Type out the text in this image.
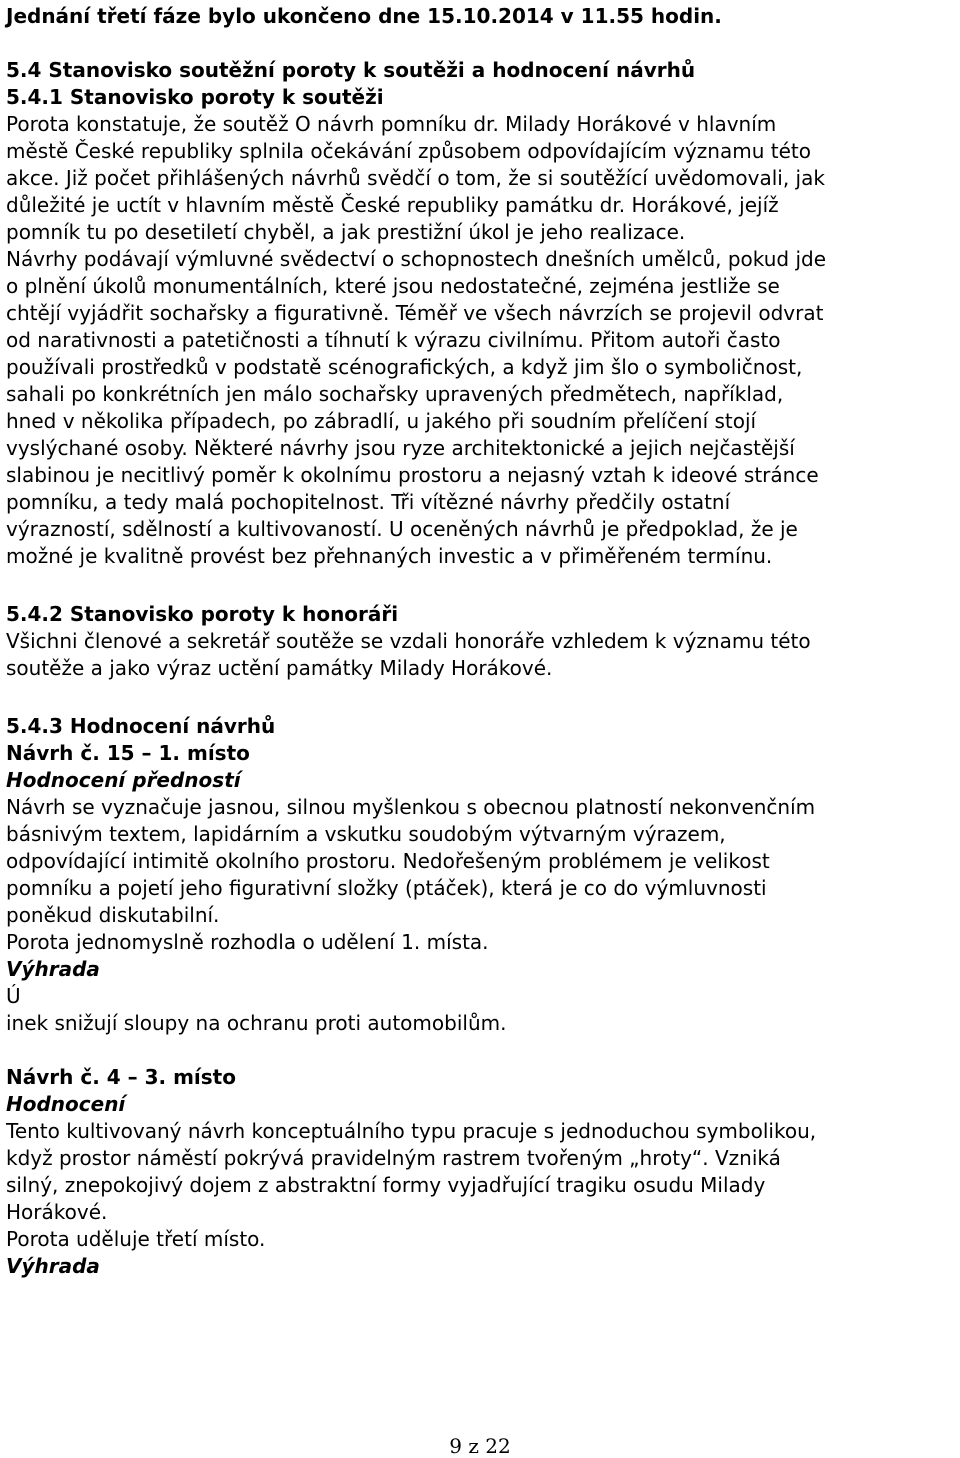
Jednání třetí fáze bylo ukončeno dne 15.10.2014 v 11.55 hodin.

5.4 Stanovisko soutěžní poroty k soutěži a hodnocení návrhů

5.4.1 Stanovisko poroty k soutěži

Porota konstatuje, že soutěž O návrh pomníku dr. Milady Horákové v hlavním
městě České republiky splnila očekávání způsobem odpovídajícím významu této
akce. Již počet přihlášených návrhů svědčí o tom, že si soutěžící uvědomovali, jak
důležité je uctít v hlavním městě České republiky památku dr. Horákové, jejíž
pomník tu po desetiletí chyběl, a jak prestižní úkol je jeho realizace.
Návrhy podávají výmluvné svědectví o schopnostech dnešních umělců, pokud jde
o plnění úkolů monumentálních, které jsou nedostatečné, zejména jestliže se
chtějí vyjádřit sochařsky a figurativně. Téměř ve všech návrzích se projevil odvrat
od narativnosti a patetičnosti a tíhnutí k výrazu civilnímu. Přitom autoři často
používali prostředků v podstatě scénografických, a když jim šlo o symboličnost,
sahali po konkrétních jen málo sochařsky upravených předmětech, například,
hned v několika případech, po zábradlí, u jakého při soudním přelíčení stojí
vyslýchané osoby. Některé návrhy jsou ryze architektonické a jejich nejčastější
slabinou je necitlivý poměr k okolnímu prostoru a nejasný vztah k ideové stránce
pomníku, a tedy malá pochopitelnost. Tři vítězné návrhy předčily ostatní
výrazností, sdělností a kultivovaností. U oceněných návrhů je předpoklad, že je
možné je kvalitně provést bez přehnaných investic a v přiměřeném termínu.

5.4.2 Stanovisko poroty k honoráři

Všichni členové a sekretář soutěže se vzdali honoráře vzhledem k významu této
soutěže a jako výraz uctění památky Milady Horákové.

5.4.3 Hodnocení návrhů

Návrh č. 15 – 1. místo

Hodnocení předností

Návrh se vyznačuje jasnou, silnou myšlenkou s obecnou platností nekonvenčním
básnivým textem, lapidárním a vskutku soudobým výtvarným výrazem,
odpovídající intimitě okolního prostoru. Nedořešeným problémem je velikost
pomníku a pojetí jeho figurativní složky (ptáček), která je co do výmluvnosti
poněkud diskutabilní.

Porota jednomyslně rozhodla o udělení 1. místa.

Výhrada

Ú
inek snižují sloupy na ochranu proti automobilům.

Návrh č. 4 – 3. místo

Hodnocení

Tento kultivovaný návrh konceptuálního typu pracuje s jednoduchou symbolikou,
když prostor náměstí pokrývá pravidelným rastrem tvořeným „hroty“. Vzniká
silný, znepokojivý dojem z abstraktní formy vyjadřující tragiku osudu Milady
Horákové.

Porota uděluje třetí místo.

Výhrada

9 z 22
